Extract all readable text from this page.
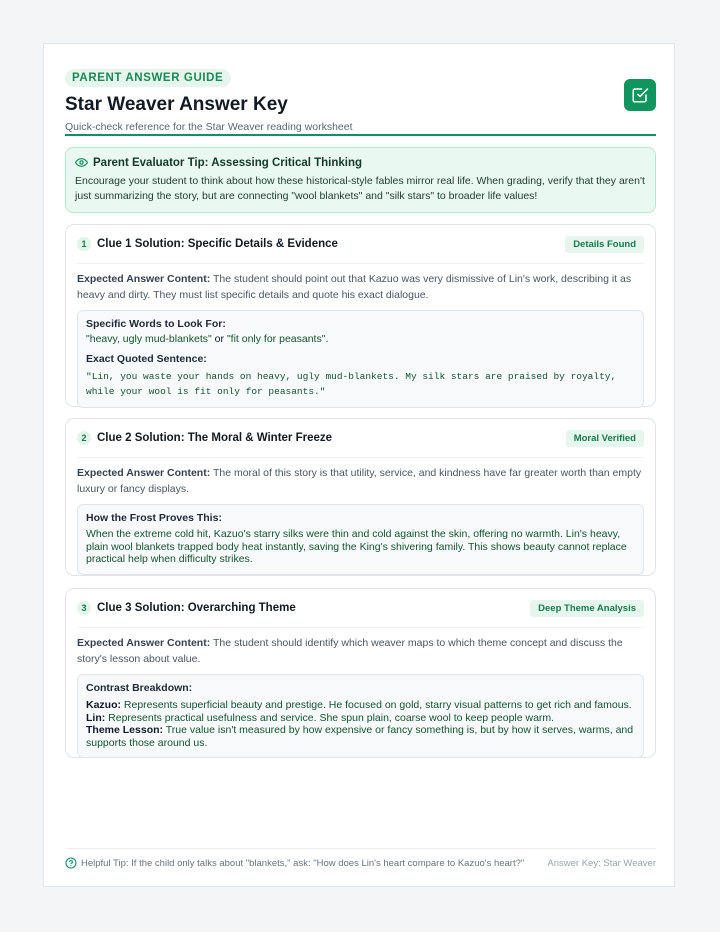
PARENT ANSWER GUIDE
Star Weaver Answer Key
Quick-check reference for the Star Weaver reading worksheet
Parent Evaluator Tip: Assessing Critical Thinking
Encourage your student to think about how these historical-style fables mirror real life. When grading, verify that they aren't just summarizing the story, but are connecting "wool blankets" and "silk stars" to broader life values!
1 Clue 1 Solution: Specific Details & Evidence	Details Found
Expected Answer Content: The student should point out that Kazuo was very dismissive of Lin's work, describing it as heavy and dirty. They must list specific details and quote his exact dialogue.
Specific Words to Look For:
"heavy, ugly mud-blankets" or "fit only for peasants".
Exact Quoted Sentence:
"Lin, you waste your hands on heavy, ugly mud-blankets. My silk stars are praised by royalty, while your wool is fit only for peasants."
2 Clue 2 Solution: The Moral & Winter Freeze	Moral Verified
Expected Answer Content: The moral of this story is that utility, service, and kindness have far greater worth than empty luxury or fancy displays.
How the Frost Proves This:
When the extreme cold hit, Kazuo's starry silks were thin and cold against the skin, offering no warmth. Lin's heavy, plain wool blankets trapped body heat instantly, saving the King's shivering family. This shows beauty cannot replace practical help when difficulty strikes.
3 Clue 3 Solution: Overarching Theme	Deep Theme Analysis
Expected Answer Content: The student should identify which weaver maps to which theme concept and discuss the story's lesson about value.
Contrast Breakdown:
Kazuo: Represents superficial beauty and prestige. He focused on gold, starry visual patterns to get rich and famous.
Lin: Represents practical usefulness and service. She spun plain, coarse wool to keep people warm.
Theme Lesson: True value isn't measured by how expensive or fancy something is, but by how it serves, warms, and supports those around us.
Helpful Tip: If the child only talks about "blankets," ask: "How does Lin's heart compare to Kazuo's heart?" Answer Key: Star Weaver
